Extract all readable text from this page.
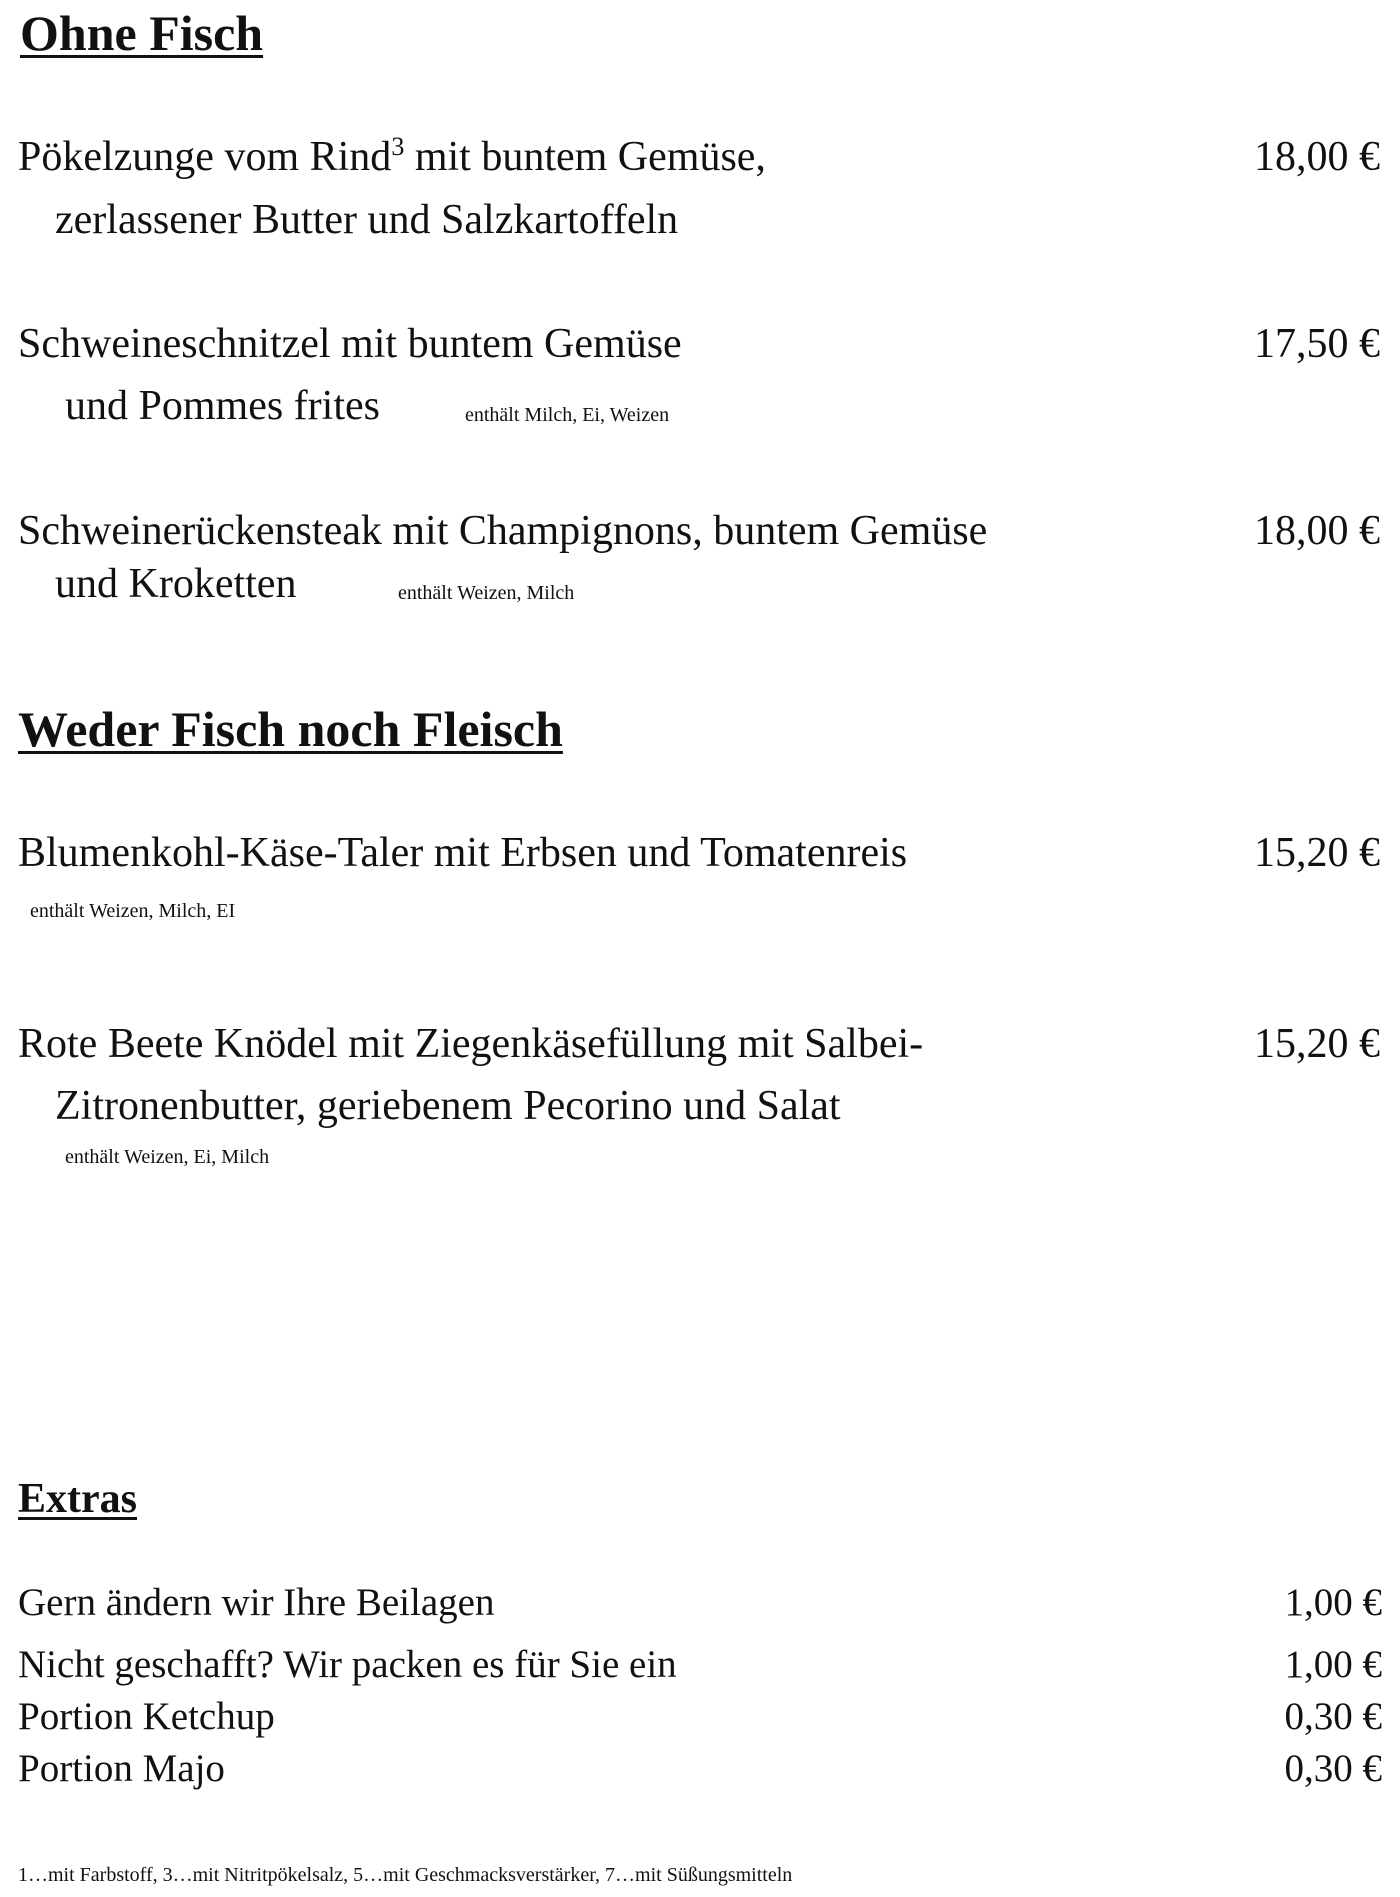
Ohne Fisch
Pökelzunge vom Rind$^3$ mit buntem Gemüse,	18,00 €
zerlassener Butter und Salzkartoffeln
Schweineschnitzel mit buntem Gemüse	17,50 €
und Pommes frites	enthält Milch, Ei, Weizen
Schweinerückensteak mit Champignons, buntem Gemüse	18,00 €
und Kroketten	enthält Weizen, Milch
Weder Fisch noch Fleisch
Blumenkohl-Käse-Taler mit Erbsen und Tomatenreis	15,20 €
enthält Weizen, Milch, EI
Rote Beete Knödel mit Ziegenkäsefüllung mit Salbei-	15,20 €
Zitronenbutter, geriebenem Pecorino und Salat
enthält Weizen, Ei, Milch
Extras
Gern ändern wir Ihre Beilagen	1,00 €
Nicht geschafft? Wir packen es für Sie ein	1,00 €
Portion Ketchup	0,30 €
Portion Majo	0,30 €
1…mit Farbstoff, 3…mit Nitritpökelsalz, 5…mit Geschmacksverstärker, 7…mit Süßungsmitteln
